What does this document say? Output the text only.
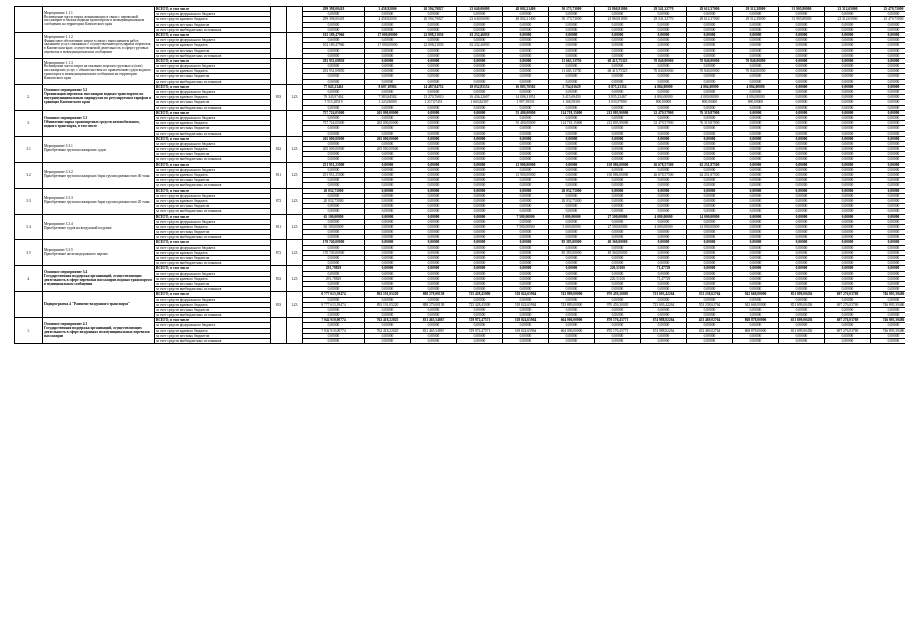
	Мероприятие 1.1.1
Возмещение части затрат, возникающих в связи с перевозкой пассажиров и багажа водным транспортом в межмуниципальном сообщении на территории Камчатского края	ВСЕГО, в том числе			299 398,00418	2 458,82000	20 594,79827	23 640,06000	48 002,21400	50 173,73000	23 860,81000	29 541,32770	28 612,37000	29 512,38000	31 905,80000	23 312,65000	25 479,75000
		за счет средств федерального бюджета			0,00000	0,00000	0,00000	0,00000	0,00000	0,00000	0,00000	0,00000	0,00000	0,00000	0,00000	0,00000	0,00000
		за счет средств краевого бюджета			299 398,00418	2 458,82000	20 594,79827	23 640,06000	48 002,21400	50 173,73000	23 860,81000	29 541,32770	28 612,37000	29 512,38000	31 905,80000	23 312,65000	25 479,75000
		за счет средств местных бюджетов			0,00000	0,00000	0,00000	0,00000	0,00000	0,00000	0,00000	0,00000	0,00000	0,00000	0,00000	0,00000	0,00000
		за счет средств внебюджетных источников			0,00000	0,00000	0,00000	0,00000	0,00000	0,00000	0,00000	0,00000	0,00000	0,00000	0,00000	0,00000	0,00000
	Мероприятие 1.1.2
Финансовое обеспечение затрат в связи с выполнением работ, оказанием услуг, связанных с осуществлением регулярных перевозок в Камчатском крае, осуществляемой деятельность в сфере грузовых перевозок в межмуниципальном сообщении	ВСЕГО, в том числе			102 189,47966	17 000,00000	22 098,21030	63 232,46830	0,00000	0,00000	0,00000	0,00000	0,00000	0,00000	0,00000	0,00000	0,00000
		за счет средств федерального бюджета			0,00000	0,00000	0,00000	0,00000	0,00000	0,00000	0,00000	0,00000	0,00000	0,00000	0,00000	0,00000	0,00000
		за счет средств краевого бюджета			102 189,47966	17 000,00000	22 098,21030	63 232,46830	0,00000	0,00000	0,00000	0,00000	0,00000	0,00000	0,00000	0,00000	0,00000
		за счет средств местных бюджетов			0,00000	0,00000	0,00000	0,00000	0,00000	0,00000	0,00000	0,00000	0,00000	0,00000	0,00000	0,00000	0,00000
		за счет средств внебюджетных источников			0,00000	0,00000	0,00000	0,00000	0,00000	0,00000	0,00000	0,00000	0,00000	0,00000	0,00000	0,00000	0,00000
	Мероприятие 1.1.3
Возмещение части затрат на оказание морских грузовых и (или) пассажирских услуг, с обязательством по привлечению судов водного транспорта в межмуниципальном сообщении на территории Камчатского края	ВСЕГО, в том числе			292 931,69850	0,00000	0,00000	0,00000	0,00000	11 665,13750	68 415,75325	70 840,80000	70 840,00000	70 840,00000	0,00000	0,00000	0,00000
		за счет средств федерального бюджета			0,00000	0,00000	0,00000	0,00000	0,00000	0,00000	0,00000	0,00000	0,00000	0,00000	0,00000	0,00000	0,00000
		за счет средств краевого бюджета			292 931,69850	0,00000	0,00000	0,00000	0,00000	11 665,13750	68 415,75325	70 840,80000	70 840,00000	70 840,00000	0,00000	0,00000	0,00000
		за счет средств местных бюджетов			0,00000	0,00000	0,00000	0,00000	0,00000	0,00000	0,00000	0,00000	0,00000	0,00000	0,00000	0,00000	0,00000
		за счет средств внебюджетных источников			0,00000	0,00000	0,00000	0,00000	0,00000	0,00000	0,00000	0,00000	0,00000	0,00000	0,00000	0,00000	0,00000
2.	Основное мероприятие 3.2
Организация перевозок пассажиров водным транспортом по внутримуниципальным маршрутам по регулируемым тарифам в границах Камчатского края	ВСЕГО, в том числе	833	L23	77 045,23461	8 607,10982	14 487,84752	18 032,85152	16 003,70582	5 754,01629	6 875,21352	4 804,00000	4 804,00000	4 804,00000	0,00000	0,00000	0,00000
		за счет средств федерального бюджета			0,00000	0,00000	0,00000	0,00000	0,00000	0,00000	0,00000	0,00000	0,00000	0,00000	0,00000	0,00000	0,00000
		за счет средств краевого бюджета			70 345,97462	7 383,84582	13 270,76810	16 436,22607	14 006,31051	3 415,69450	3 835,23467	4 804,00000	4 000,00000	4 004,00000	0,00000	0,00000	0,00000
		за счет средств местных бюджетов			7 515,28519	1 223,06800	1 217,07451	1 603,82307	1 997,39531	1 168,58391	3 033,97890	800,00000	800,00000	800,00000	0,00000	0,00000	0,00000
		за счет средств внебюджетных источников			0,00000	0,00000	0,00000	0,00000	0,00000	0,00000	0,00000	0,00000	0,00000	0,00000	0,00000	0,00000	0,00000
3.	Основное мероприятие 3.3
Обновление парка транспортных средств автомобильного, водного транспорта, в том числе	ВСЕГО, в том числе			757 724,05000	265 000,00000	0,00000	0,00000	55 400,00000	114 718,15000	212 805,90000	32 479,57900	76 319,87900	0,00000	0,00000	0,00000	0,00000
		за счет средств федерального бюджета			0,00000	0,00000	0,00000	0,00000	0,00000	0,00000	0,00000	0,00000	0,00000	0,00000	0,00000	0,00000	0,00000
		за счет средств краевого бюджета			757 724,05000	265 000,00000	0,00000	0,00000	55 400,00000	114 718,15000	212 805,90000	32 479,57900	76 319,87900	0,00000	0,00000	0,00000	0,00000
		за счет средств местных бюджетов			0,00000	0,00000	0,00000	0,00000	0,00000	0,00000	0,00000	0,00000	0,00000	0,00000	0,00000	0,00000	0,00000
		за счет средств внебюджетных источников			0,00000	0,00000	0,00000	0,00000	0,00000	0,00000	0,00000	0,00000	0,00000	0,00000	0,00000	0,00000	0,00000
3.1	Мероприятие 3.3.1
Приобретение грузопассажирских судов	ВСЕГО, в том числе	822	L23	265 000,00000	265 000,00000	0,00000	0,00000	0,00000	0,00000	0,00000	0,00000	0,00000	0,00000	0,00000	0,00000	0,00000
		за счет средств федерального бюджета			0,00000	0,00000	0,00000	0,00000	0,00000	0,00000	0,00000	0,00000	0,00000	0,00000	0,00000	0,00000	0,00000
		за счет средств краевого бюджета			265 000,00000	265 000,00000	0,00000	0,00000	0,00000	0,00000	0,00000	0,00000	0,00000	0,00000	0,00000	0,00000	0,00000
		за счет средств местных бюджетов			0,00000	0,00000	0,00000	0,00000	0,00000	0,00000	0,00000	0,00000	0,00000	0,00000	0,00000	0,00000	0,00000
		за счет средств внебюджетных источников			0,00000	0,00000	0,00000	0,00000	0,00000	0,00000	0,00000	0,00000	0,00000	0,00000	0,00000	0,00000	0,00000
3.2	Мероприятие 3.3.2
Приобретение грузопассажирских барж грузоподъемностью 40 тонн	ВСЕГО, в том числе	811	L23	251 951,25000	0,00000	0,00000	0,00000	12 900,00000	0,00000	150 086,00000	26 678,57500	62 251,87500	0,00000	0,00000	0,00000	0,00000
		за счет средств федерального бюджета			0,00000	0,00000	0,00000	0,00000	0,00000	0,00000	0,00000	0,00000	0,00000	0,00000	0,00000	0,00000	0,00000
		за счет средств краевого бюджета			251 951,25000	0,00000	0,00000	0,00000	12 900,00000	0,00000	150 086,00000	26 678,57500	62 251,87500	0,00000	0,00000	0,00000	0,00000
		за счет средств местных бюджетов			0,00000	0,00000	0,00000	0,00000	0,00000	0,00000	0,00000	0,00000	0,00000	0,00000	0,00000	0,00000	0,00000
		за счет средств внебюджетных источников			0,00000	0,00000	0,00000	0,00000	0,00000	0,00000	0,00000	0,00000	0,00000	0,00000	0,00000	0,00000	0,00000
3.3	Мероприятие 3.3.3
Приобретение грузопассажирских барж грузоподъемностью 20 тонн	ВСЕГО, в том числе	872	L23	20 032,75000	0,00000	0,00000	0,00000	0,00000	20 032,75000	0,00000	0,00000	0,00000	0,00000	0,00000	0,00000	0,00000
		за счет средств федерального бюджета			0,00000	0,00000	0,00000	0,00000	0,00000	0,00000	0,00000	0,00000	0,00000	0,00000	0,00000	0,00000	0,00000
		за счет средств краевого бюджета			20 032,75000	0,00000	0,00000	0,00000	0,00000	20 032,75000	0,00000	0,00000	0,00000	0,00000	0,00000	0,00000	0,00000
		за счет средств местных бюджетов			0,00000	0,00000	0,00000	0,00000	0,00000	0,00000	0,00000	0,00000	0,00000	0,00000	0,00000	0,00000	0,00000
		за счет средств внебюджетных источников			0,00000	0,00000	0,00000	0,00000	0,00000	0,00000	0,00000	0,00000	0,00000	0,00000	0,00000	0,00000	0,00000
3.4	Мероприятие 3.3.4
Приобретение судов на воздушной подушке	ВСЕГО, в том числе	811	L23	65 100,00000	0,00000	0,00000	0,00000	7 500,00000	5 000,00000	27 500,00000	4 000,00000	14 000,00000	0,00000	0,00000	0,00000	0,00000
		за счет средств федерального бюджета			0,00000	0,00000	0,00000	0,00000	0,00000	0,00000	0,00000	0,00000	0,00000	0,00000	0,00000	0,00000	0,00000
		за счет средств краевого бюджета			65 100,00000	0,00000	0,00000	0,00000	7 500,00000	5 000,00000	27 500,00000	4 000,00000	14 000,00000	0,00000	0,00000	0,00000	0,00000
		за счет средств местных бюджетов			0,00000	0,00000	0,00000	0,00000	0,00000	0,00000	0,00000	0,00000	0,00000	0,00000	0,00000	0,00000	0,00000
		за счет средств внебюджетных источников			0,00000	0,00000	0,00000	0,00000	0,00000	0,00000	0,00000	0,00000	0,00000	0,00000	0,00000	0,00000	0,00000
3.5	Мероприятие 3.3.5
Приобретение железнодорожного парома	ВСЕГО, в том числе	872	L23	170 740,00000	0,00000	0,00000	0,00000	0,00000	85 385,00000	49 360,00000	0,00000	0,00000	0,00000	0,00000	0,00000	0,00000
		за счет средств федерального бюджета			0,00000	0,00000	0,00000	0,00000	0,00000	0,00000	0,00000	0,00000	0,00000	0,00000	0,00000	0,00000	0,00000
		за счет средств краевого бюджета			170 740,00000	0,00000	0,00000	0,00000	0,00000	85 385,00000	49 360,00000	0,00000	0,00000	0,00000	0,00000	0,00000	0,00000
		за счет средств местных бюджетов			0,00000	0,00000	0,00000	0,00000	0,00000	0,00000	0,00000	0,00000	0,00000	0,00000	0,00000	0,00000	0,00000
		за счет средств внебюджетных источников			0,00000	0,00000	0,00000	0,00000	0,00000	0,00000	0,00000	0,00000	0,00000	0,00000	0,00000	0,00000	0,00000
4.	Основное мероприятие 3.4
Государственная поддержка организаций, осуществляющих деятельность в сфере перевозки пассажиров водным транспортом в муниципальном сообщении	ВСЕГО, в том числе	833	L23	291,78829	0,00000	0,00000	0,00000	0,00000	0,00000	220,51100	71,47729	0,00000	0,00000	0,00000	0,00000	0,00000
		за счет средств федерального бюджета			0,00000	0,00000	0,00000	0,00000	0,00000	0,00000	0,00000	0,00000	0,00000	0,00000	0,00000	0,00000	0,00000
		за счет средств краевого бюджета			291,78829	0,00000	0,00000	0,00000	0,00000	0,00000	220,51100	71,47729	0,00000	0,00000	0,00000	0,00000	0,00000
		за счет средств местных бюджетов			0,00000	0,00000	0,00000	0,00000	0,00000	0,00000	0,00000	0,00000	0,00000	0,00000	0,00000	0,00000	0,00000
		за счет средств внебюджетных источников			0,00000	0,00000	0,00000	0,00000	0,00000	0,00000	0,00000	0,00000	0,00000	0,00000	0,00000	0,00000	0,00000
	Подпрограмма 4 "Развитие воздушного транспорта"	ВСЕГО, в том числе	833	L23	8 777 615,39474	892 191,05220	888 279,00158	725 428,45000	518 024,65964	743 889,00000	970 459,20005	723 693,42264	553 238,62764	942 668,00000	851 699,00456	697 276,03769	746 895,39486
		за счет средств федерального бюджета			0,00000	0,00000	0,00000	0,00000	0,00000	0,00000	0,00000	0,00000	0,00000	0,00000	0,00000	0,00000	0,00000
		за счет средств краевого бюджета			8 777 615,39474	892 191,05220	888 279,00158	725 428,45000	518 024,65964	743 889,00000	970 459,20005	723 693,42264	553 238,62764	942 668,00000	851 699,00456	697 276,03769	746 895,39486
		за счет средств местных бюджетов			0,00000	0,00000	0,00000	0,00000	0,00000	0,00000	0,00000	0,00000	0,00000	0,00000	0,00000	0,00000	0,00000
		за счет средств внебюджетных источников			0,00000	0,00000	0,00000	0,00000	0,00000	0,00000	0,00000	0,00000	0,00000	0,00000	0,00000	0,00000	0,00000
1.	Основное мероприятие 4.1
Государственная поддержка организаций, осуществляющих деятельность в сфере воздушных межмуниципальных перевозок пассажиров	ВСЕГО, в том числе			7 942 910,00774	762 418,22025	831 465,54867	729 972,47571	518 024,65964	664 006,00000	870 176,45771	674 988,82264	453 469,02764	868 878,00000	651 699,00456	697 276,03769	746 895,39486
		за счет средств федерального бюджета			0,00000	0,00000	0,00000	0,00000	0,00000	0,00000	0,00000	0,00000	0,00000	0,00000	0,00000	0,00000	0,00000
		за счет средств краевого бюджета			7 942 910,00774	762 418,22025	831 465,54867	729 972,47571	518 024,65964	664 006,00000	870 176,45771	674 988,82264	453 469,02764	868 878,00000	651 699,00456	697 276,03769	746 895,39486
		за счет средств местных бюджетов			0,00000	0,00000	0,00000	0,00000	0,00000	0,00000	0,00000	0,00000	0,00000	0,00000	0,00000	0,00000	0,00000
		за счет средств внебюджетных источников			0,00000	0,00000	0,00000	0,00000	0,00000	0,00000	0,00000	0,00000	0,00000	0,00000	0,00000	0,00000	0,00000
